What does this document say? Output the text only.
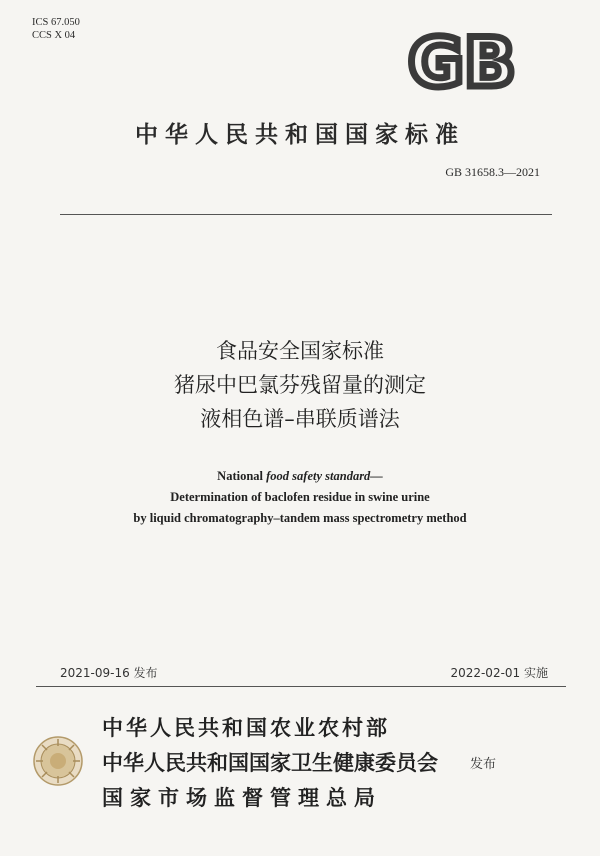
ICS 67.050
CCS X 04	GB
中华人民共和国国家标准
GB 31658.3—2021
食品安全国家标准
猪尿中巴氯芬残留量的测定
液相色谱–串联质谱法
National food safety standard—
Determination of baclofen residue in swine urine
by liquid chromatography–tandem mass spectrometry method
2021-09-16 发布	2022-02-01 实施
中华人民共和国农业农村部
中华人民共和国国家卫生健康委员会
国家市场监督管理总局
发布
